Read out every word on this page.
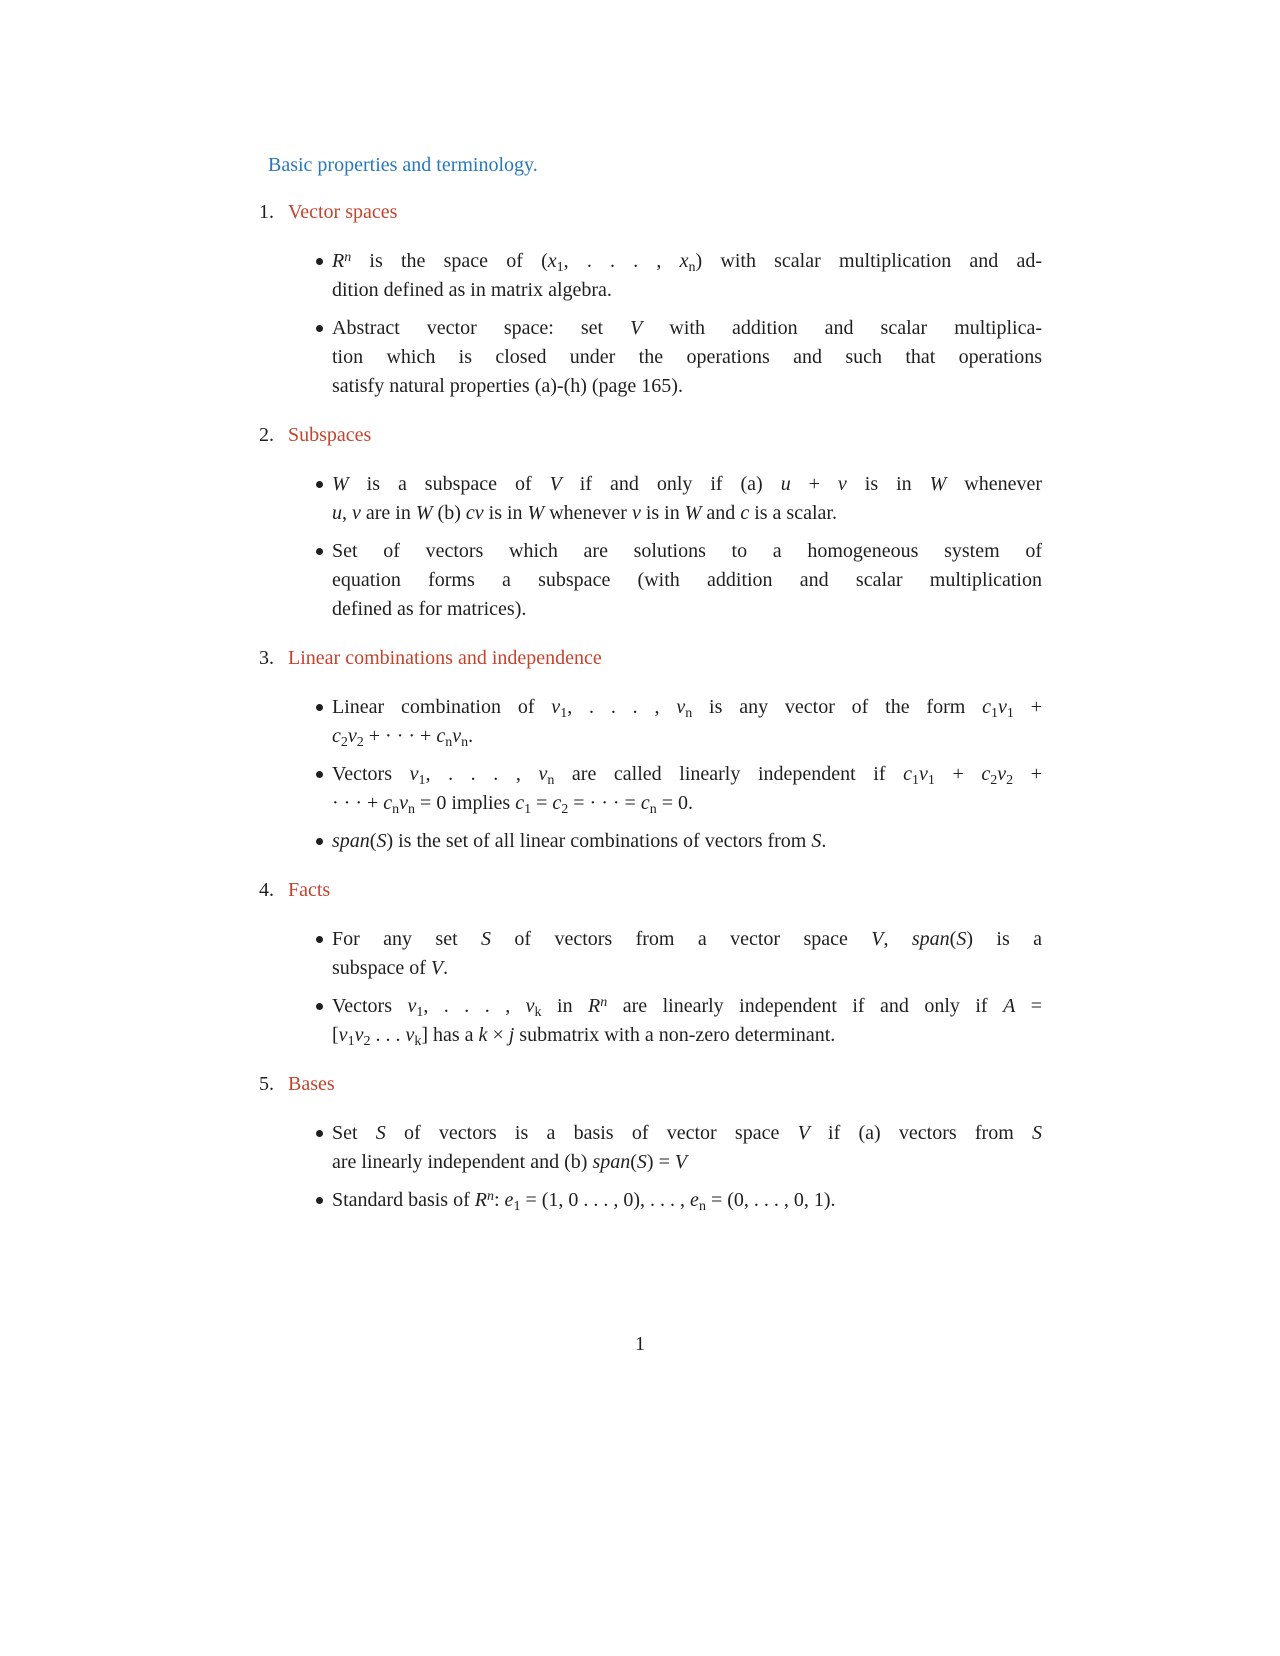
Basic properties and terminology.
1. Vector spaces
$R^n$ is the space of ($x_1$, . . . , $x_n$) with scalar multiplication and ad-
dition defined as in matrix algebra.
Abstract vector space: set V with addition and scalar multiplica-
tion which is closed under the operations and such that operations
satisfy natural properties (a)-(h) (page 165).
2. Subspaces
W is a subspace of V if and only if (a) u + v is in W whenever
u, v are in W (b) cv is in W whenever v is in W and c is a scalar.
Set of vectors which are solutions to a homogeneous system of
equation forms a subspace (with addition and scalar multiplication
defined as for matrices).
3. Linear combinations and independence
Linear combination of $v_1$, . . . , $v_n$ is any vector of the form $c_1v_1$ +
$c_2v_2$ + · · · + $c_nv_n$.
Vectors $v_1$, . . . , $v_n$ are called linearly independent if $c_1v_1 + c_2v_2$ +
· · · + $c_nv_n = 0$ implies $c_1 = c_2$ = · · · = $c_n = 0$.
span(S) is the set of all linear combinations of vectors from S.
4. Facts
For any set S of vectors from a vector space V, span(S) is a
subspace of V.
Vectors $v_1$, . . . , $v_k$ in $R^n$ are linearly independent if and only if A =
[$v_1v_2$ . . . $v_k$] has a k × j submatrix with a non-zero determinant.
5. Bases
Set S of vectors is a basis of vector space V if (a) vectors from S
are linearly independent and (b) span(S) = V
Standard basis of $R^n$: $e_1 = (1$, 0 . . . , 0), . . . , $e_n = (0$, . . . , 0, 1).
1
